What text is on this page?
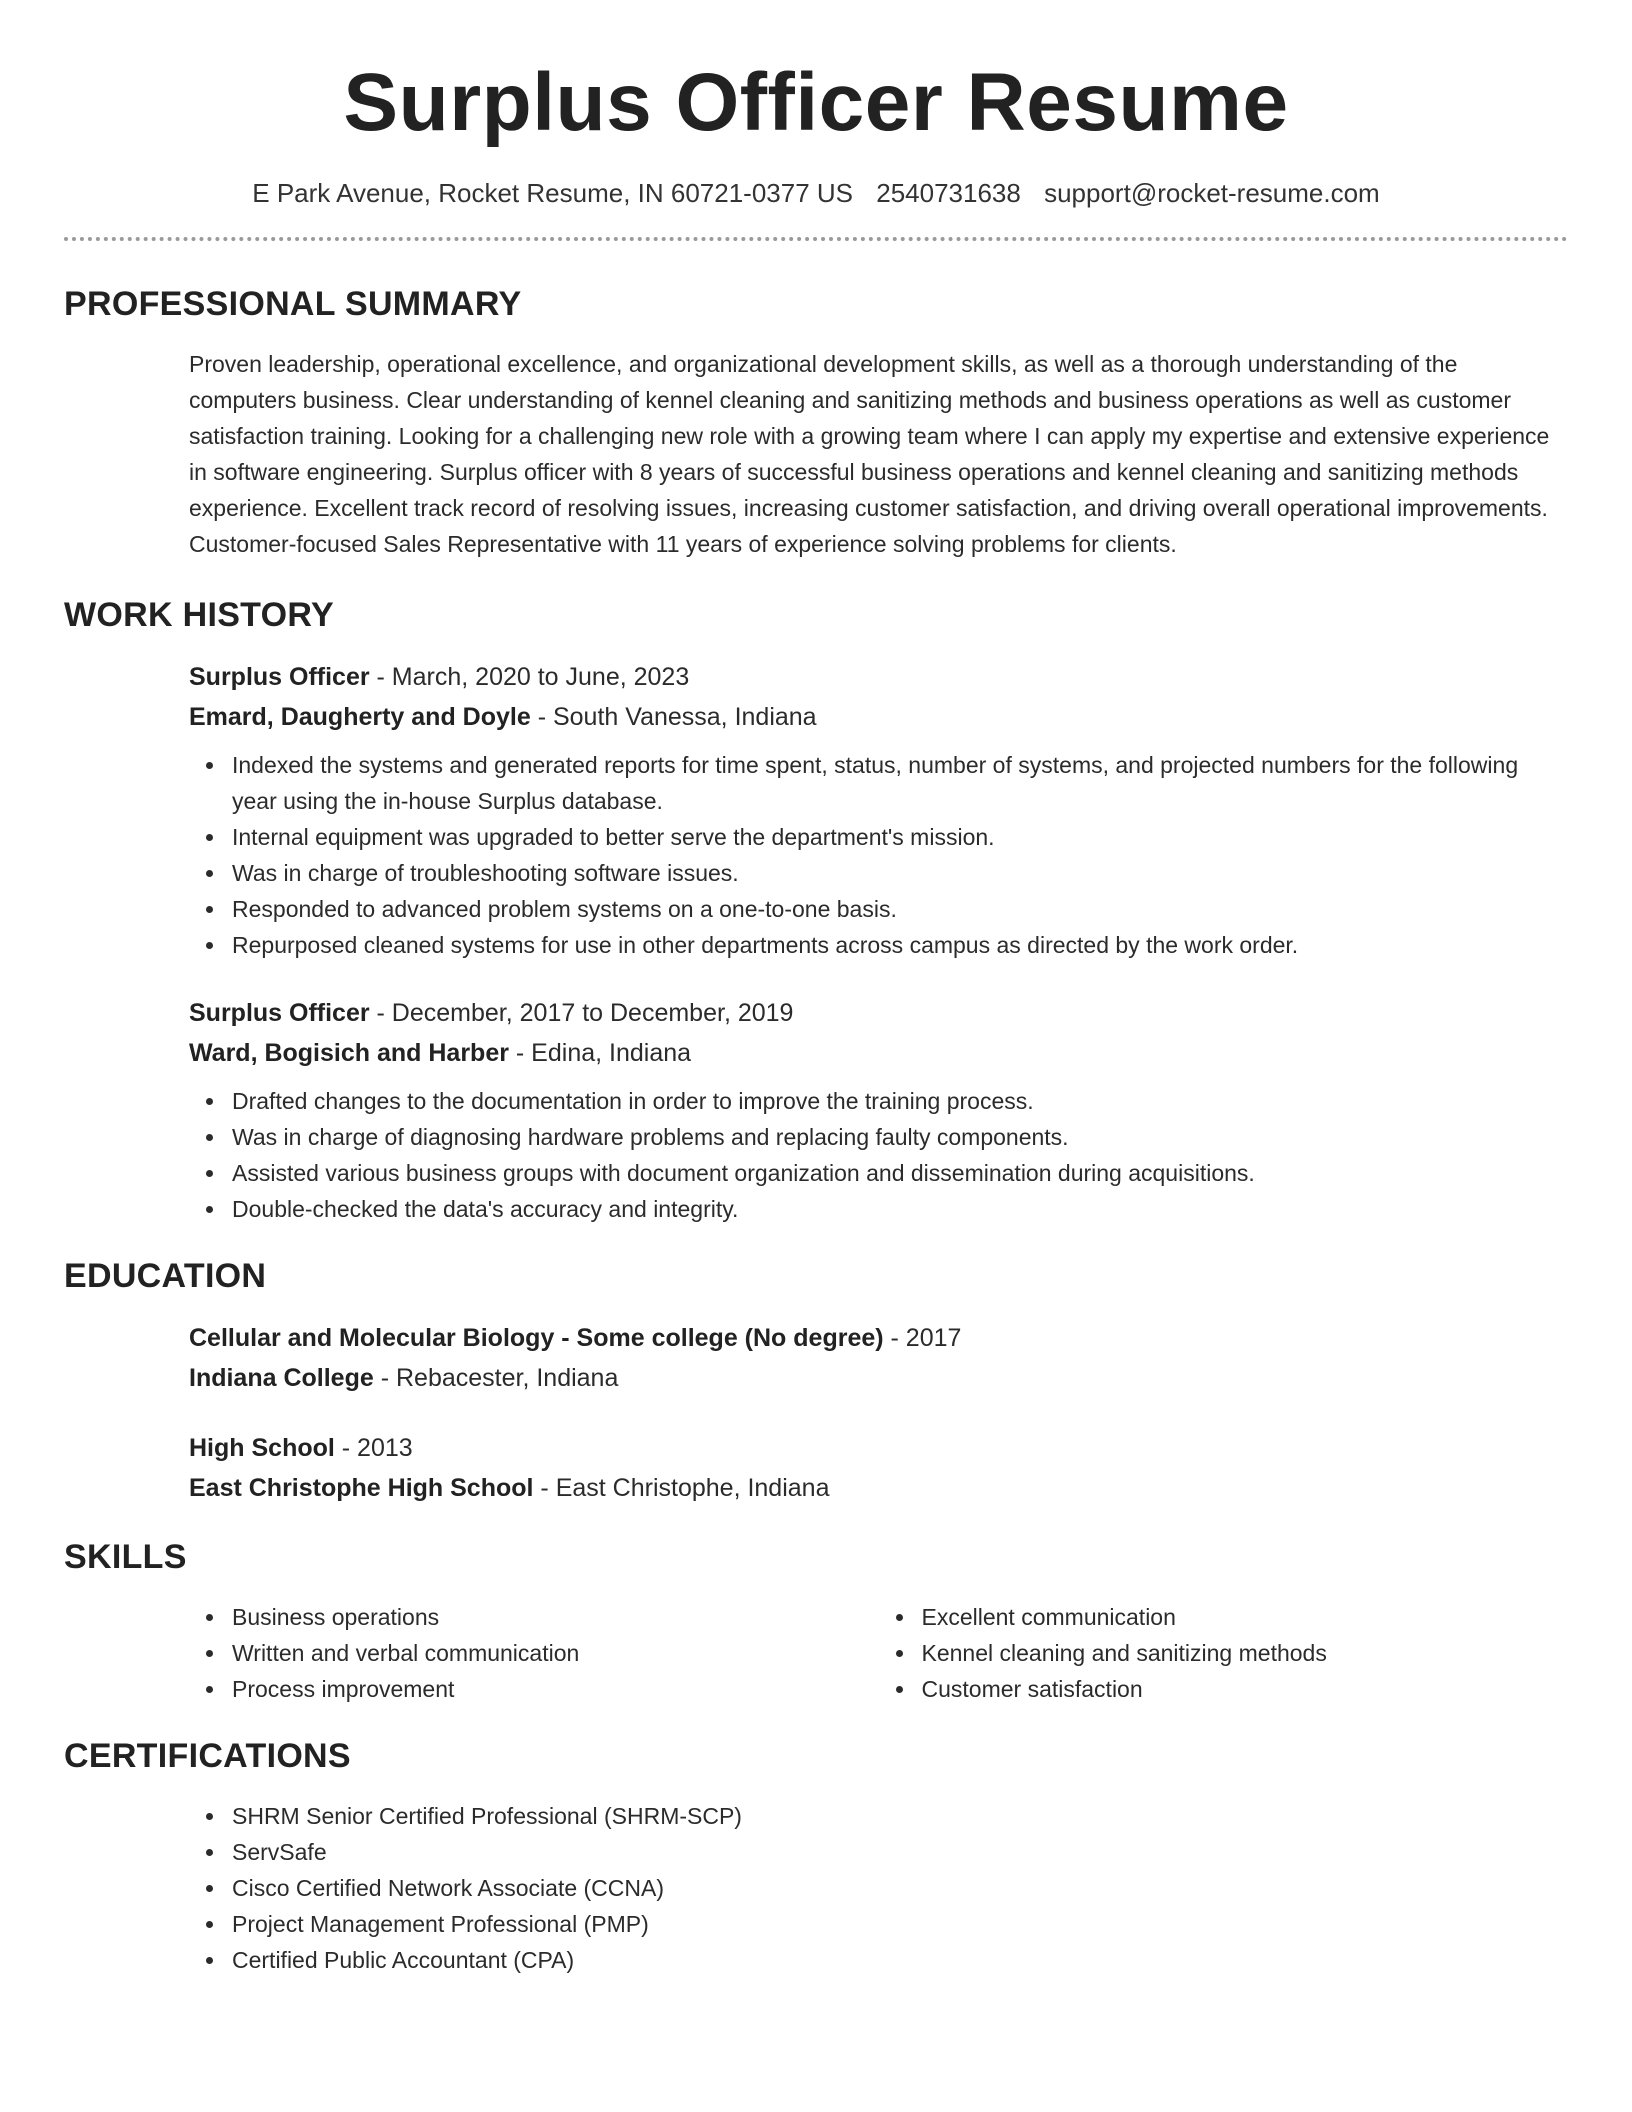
Surplus Officer Resume
E Park Avenue, Rocket Resume, IN 60721-0377 US 2540731638 support@rocket-resume.com
PROFESSIONAL SUMMARY
Proven leadership, operational excellence, and organizational development skills, as well as a thorough understanding of the computers business. Clear understanding of kennel cleaning and sanitizing methods and business operations as well as customer satisfaction training. Looking for a challenging new role with a growing team where I can apply my expertise and extensive experience in software engineering. Surplus officer with 8 years of successful business operations and kennel cleaning and sanitizing methods experience. Excellent track record of resolving issues, increasing customer satisfaction, and driving overall operational improvements. Customer-focused Sales Representative with 11 years of experience solving problems for clients.
WORK HISTORY
Surplus Officer - March, 2020 to June, 2023
Emard, Daugherty and Doyle - South Vanessa, Indiana
Indexed the systems and generated reports for time spent, status, number of systems, and projected numbers for the following year using the in-house Surplus database.
Internal equipment was upgraded to better serve the department's mission.
Was in charge of troubleshooting software issues.
Responded to advanced problem systems on a one-to-one basis.
Repurposed cleaned systems for use in other departments across campus as directed by the work order.
Surplus Officer - December, 2017 to December, 2019
Ward, Bogisich and Harber - Edina, Indiana
Drafted changes to the documentation in order to improve the training process.
Was in charge of diagnosing hardware problems and replacing faulty components.
Assisted various business groups with document organization and dissemination during acquisitions.
Double-checked the data's accuracy and integrity.
EDUCATION
Cellular and Molecular Biology - Some college (No degree) - 2017
Indiana College - Rebacester, Indiana
High School - 2013
East Christophe High School - East Christophe, Indiana
SKILLS
Business operations
Written and verbal communication
Process improvement
Excellent communication
Kennel cleaning and sanitizing methods
Customer satisfaction
CERTIFICATIONS
SHRM Senior Certified Professional (SHRM-SCP)
ServSafe
Cisco Certified Network Associate (CCNA)
Project Management Professional (PMP)
Certified Public Accountant (CPA)
